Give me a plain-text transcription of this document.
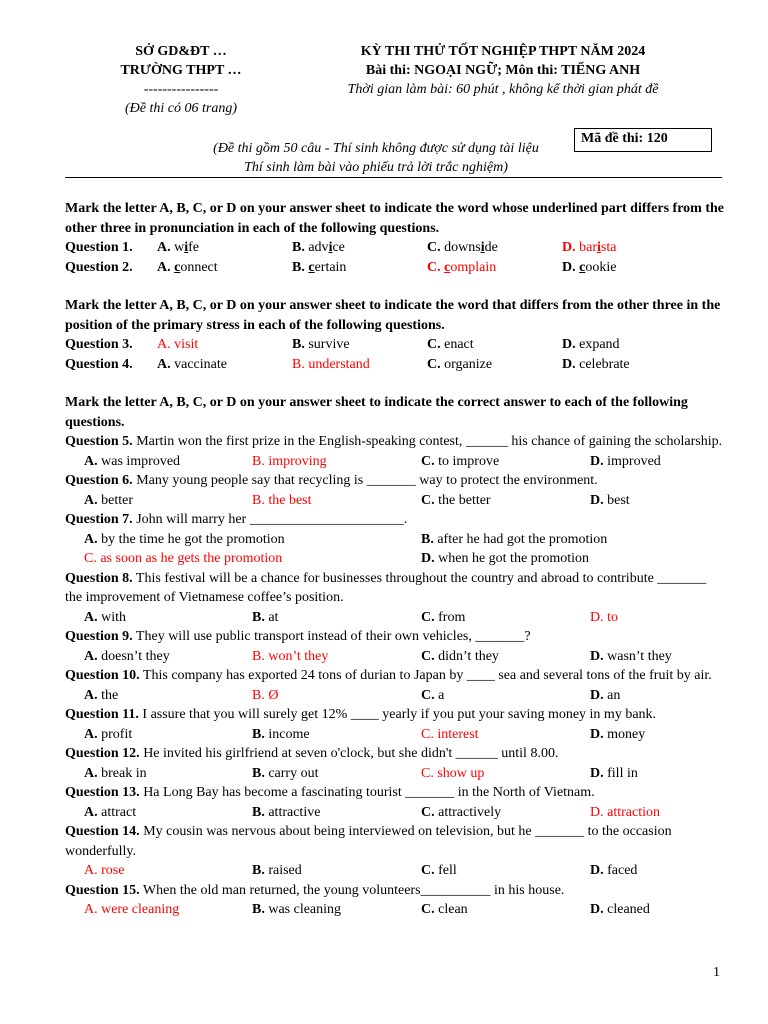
SỞ GD&ĐT …
TRƯỜNG THPT …
----------------
(Đề thi có 06 trang)
KỲ THI THỬ TỐT NGHIỆP THPT NĂM 2024
Bài thi: NGOẠI NGỮ; Môn thi: TIẾNG ANH
Thời gian làm bài: 60 phút , không kể thời gian phát đề
Mã đề thi: 120
(Đề thi gồm 50 câu - Thí sinh không được sử dụng tài liệu
Thí sinh làm bài vào phiếu trả lời trắc nghiệm)
Mark the letter A, B, C, or D on your answer sheet to indicate the word whose underlined part differs from the other three in pronunciation in each of the following questions.
Question 1. A. wife	B. advice	C. downside	D. barista
Question 2. A. connect	B. certain	C. complain	D. cookie
Mark the letter A, B, C, or D on your answer sheet to indicate the word that differs from the other three in the position of the primary stress in each of the following questions.
Question 3. A. visit	B. survive	C. enact	D. expand
Question 4. A. vaccinate	B. understand	C. organize	D. celebrate
Mark the letter A, B, C, or D on your answer sheet to indicate the correct answer to each of the following questions.
Question 5. Martin won the first prize in the English-speaking contest, ______ his chance of gaining the scholarship.
A. was improved	B. improving	C. to improve	D. improved
Question 6. Many young people say that recycling is _______ way to protect the environment.
A. better	B. the best	C. the better	D. best
Question 7. John will marry her ______________________.
A. by the time he got the promotion	B. after he had got the promotion
C. as soon as he gets the promotion	D. when he got the promotion
Question 8. This festival will be a chance for businesses throughout the country and abroad to contribute _______ the improvement of Vietnamese coffee’s position.
A. with	B. at	C. from	D. to
Question 9. They will use public transport instead of their own vehicles, _______?
A. doesn’t they	B. won’t they	C. didn’t they	D. wasn’t they
Question 10. This company has exported 24 tons of durian to Japan by ____ sea and several tons of the fruit by air.
A. the	B. Ø	C. a	D. an
Question 11. I assure that you will surely get 12% ____ yearly if you put your saving money in my bank.
A. profit	B. income	C. interest	D. money
Question 12. He invited his girlfriend at seven o'clock, but she didn't ______ until 8.00.
A. break in	B. carry out	C. show up	D. fill in
Question 13. Ha Long Bay has become a fascinating tourist _______ in the North of Vietnam.
A. attract	B. attractive	C. attractively	D. attraction
Question 14. My cousin was nervous about being interviewed on television, but he _______ to the occasion wonderfully.
A. rose	B. raised	C. fell	D. faced
Question 15. When the old man returned, the young volunteers__________ in his house.
A. were cleaning	B. was cleaning	C. clean	D. cleaned
1
